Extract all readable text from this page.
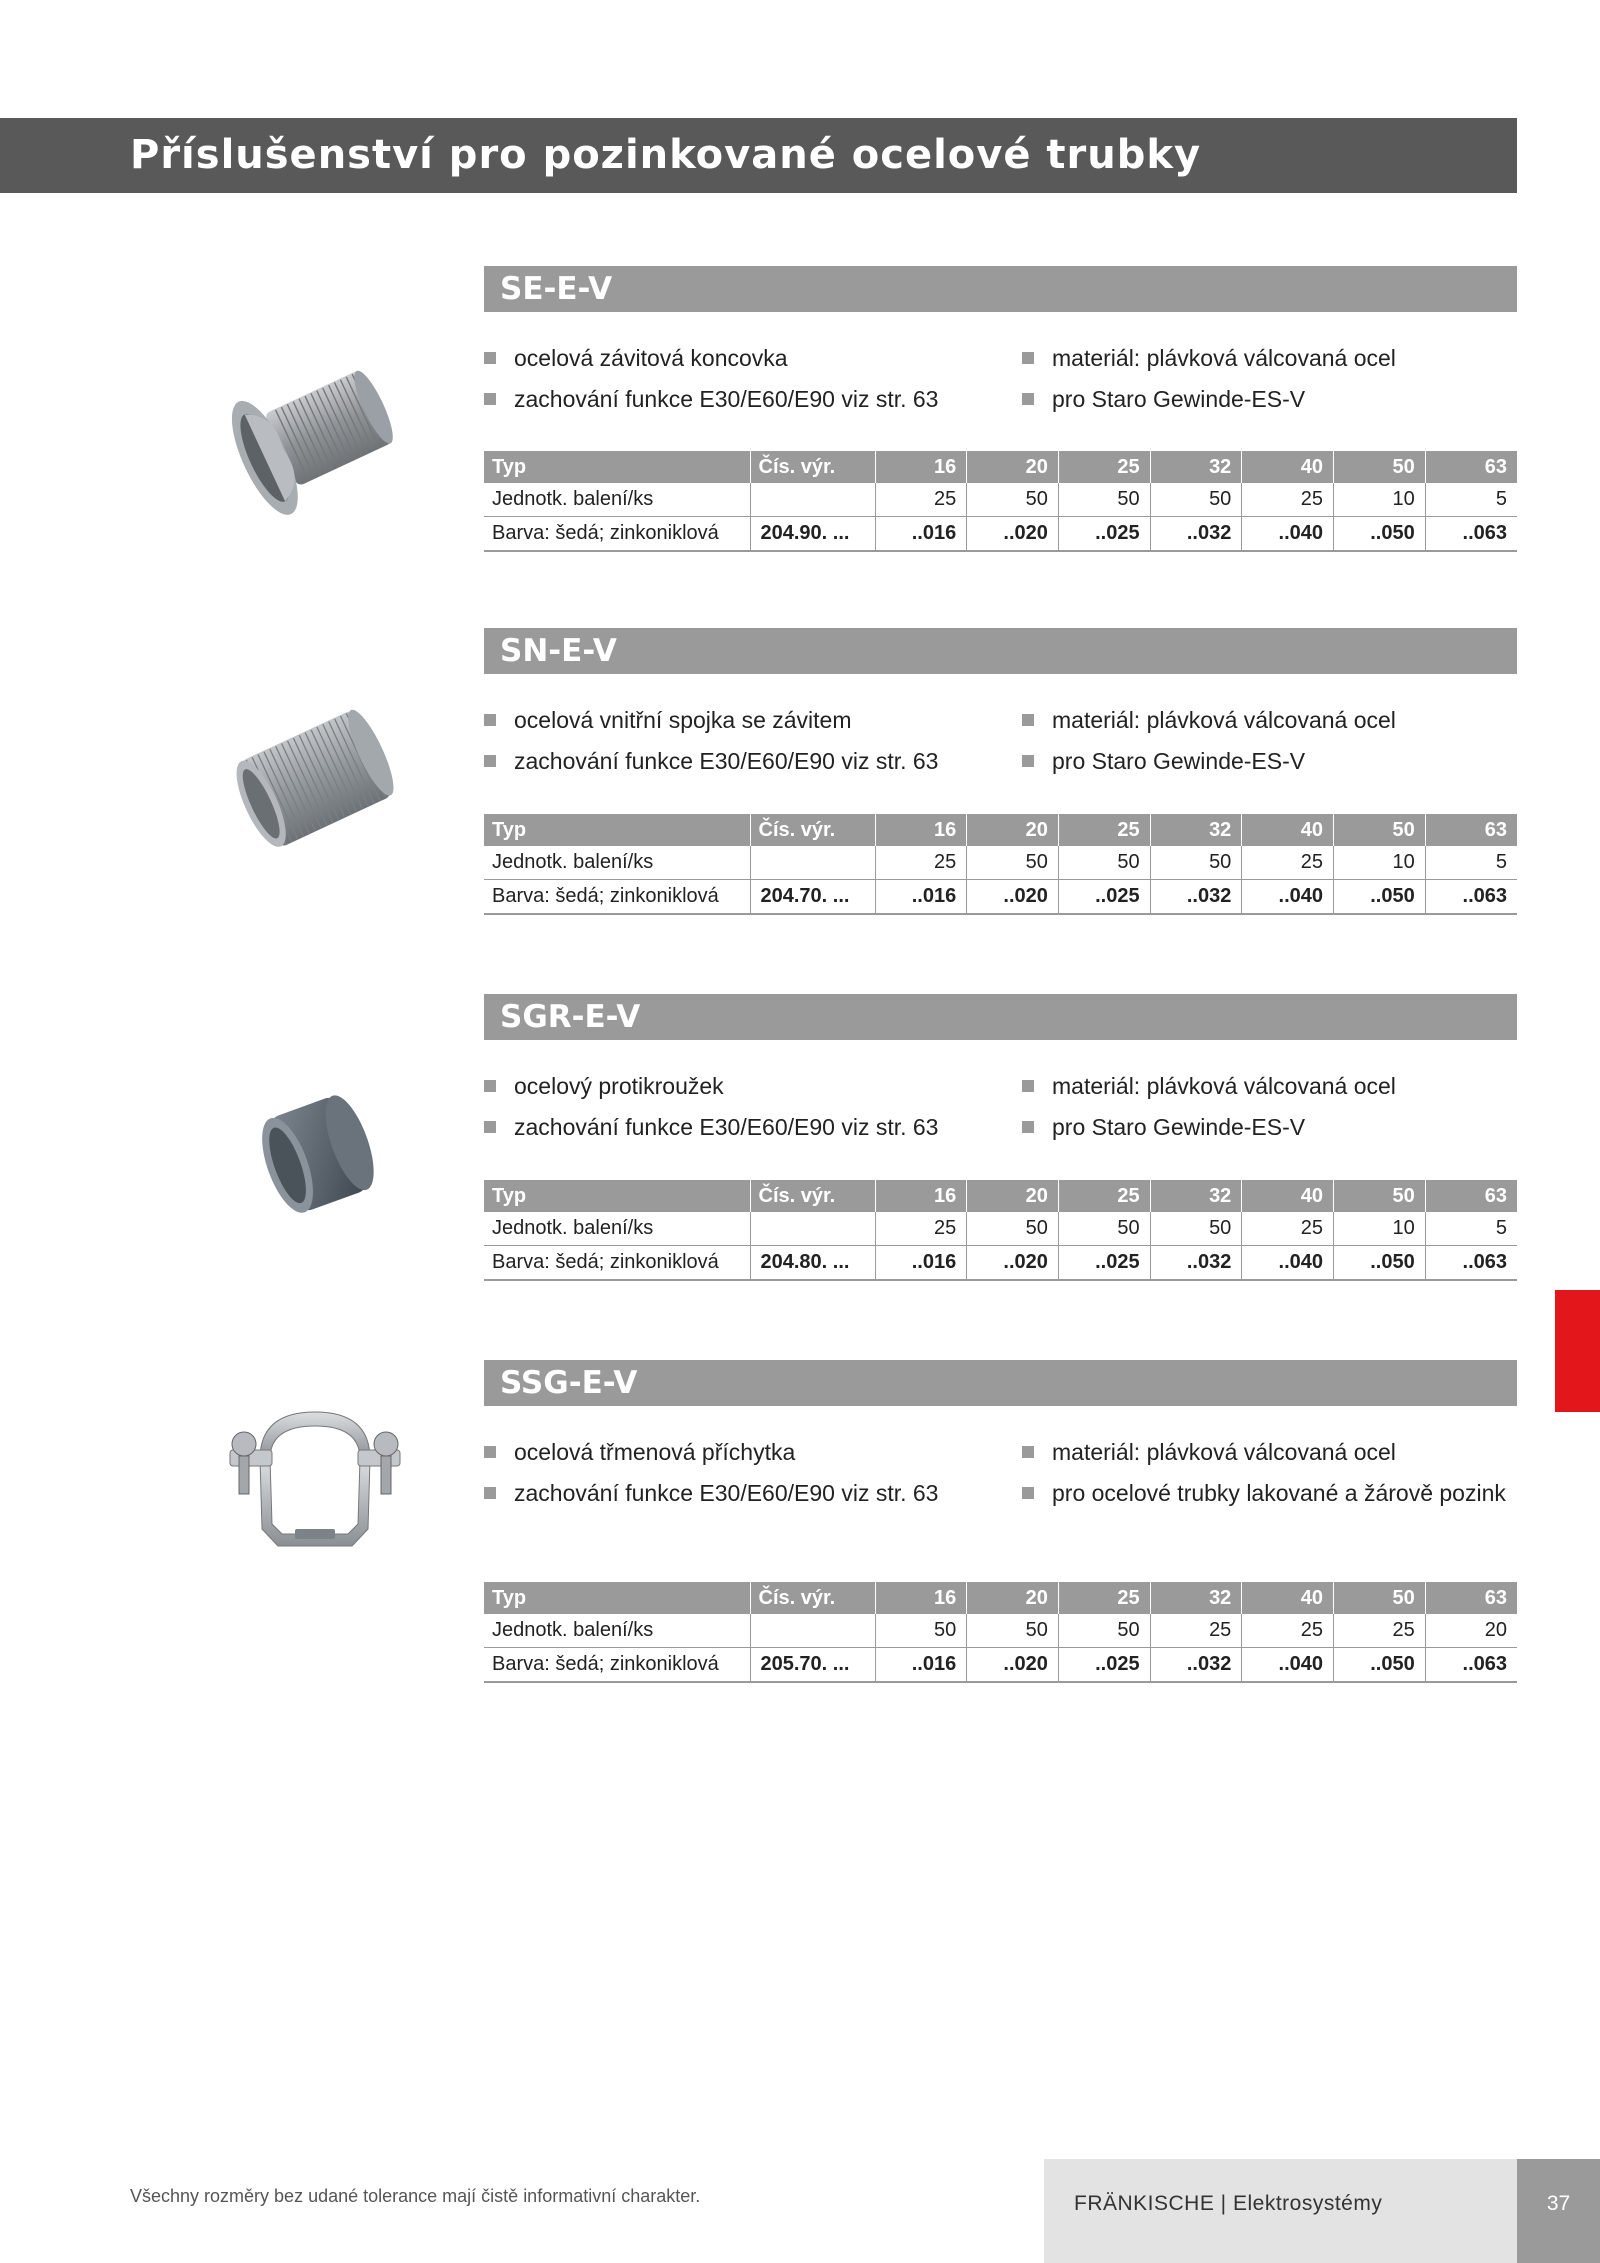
Příslušenství pro pozinkované ocelové trubky
SE-E-V
ocelová závitová koncovka
zachování funkce E30/E60/E90 viz str. 63
materiál: plávková válcovaná ocel
pro Staro Gewinde-ES-V
Typ	Čís. výr.	16	20	25	32	40	50	63
Jednotk. balení/ks		25	50	50	50	25	10	5
Barva: šedá; zinkoniklová	204.90. ...	..016	..020	..025	..032	..040	..050	..063
SN-E-V
ocelová vnitřní spojka se závitem
zachování funkce E30/E60/E90 viz str. 63
materiál: plávková válcovaná ocel
pro Staro Gewinde-ES-V
Typ	Čís. výr.	16	20	25	32	40	50	63
Jednotk. balení/ks		25	50	50	50	25	10	5
Barva: šedá; zinkoniklová	204.70. ...	..016	..020	..025	..032	..040	..050	..063
SGR-E-V
ocelový protikroužek
zachování funkce E30/E60/E90 viz str. 63
materiál: plávková válcovaná ocel
pro Staro Gewinde-ES-V
Typ	Čís. výr.	16	20	25	32	40	50	63
Jednotk. balení/ks		25	50	50	50	25	10	5
Barva: šedá; zinkoniklová	204.80. ...	..016	..020	..025	..032	..040	..050	..063
SSG-E-V
ocelová třmenová příchytka
zachování funkce E30/E60/E90 viz str. 63
materiál: plávková válcovaná ocel
pro ocelové trubky lakované a žárově pozink
Typ	Čís. výr.	16	20	25	32	40	50	63
Jednotk. balení/ks		50	50	50	25	25	25	20
Barva: šedá; zinkoniklová	205.70. ...	..016	..020	..025	..032	..040	..050	..063
Všechny rozměry bez udané tolerance mají čistě informativní charakter.	FRÄNKISCHE | Elektrosystémy	37
